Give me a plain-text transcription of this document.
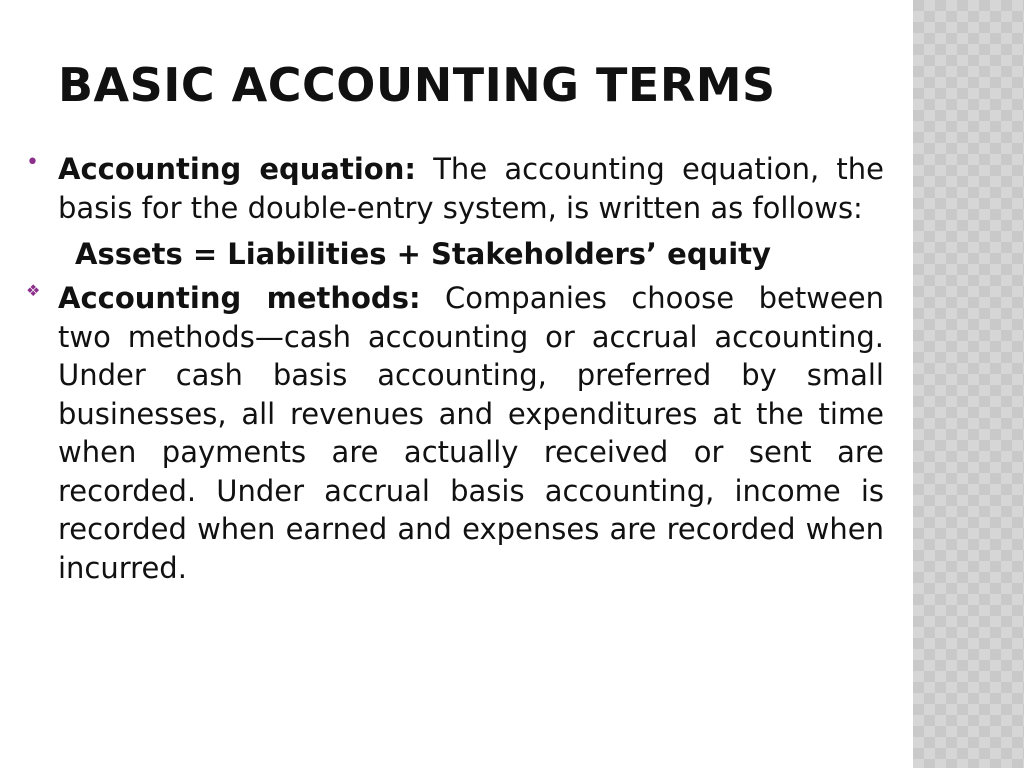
BASIC ACCOUNTING TERMS
• Accounting equation: The accounting equation, the basis for the double-entry system, is written as follows:

Assets = Liabilities + Stakeholders’ equity
❖ Accounting methods: Companies choose between two methods—cash accounting or accrual accounting. Under cash basis accounting, preferred by small businesses, all revenues and expenditures at the time when payments are actually received or sent are recorded. Under accrual basis accounting, income is recorded when earned and expenses are recorded when incurred.
